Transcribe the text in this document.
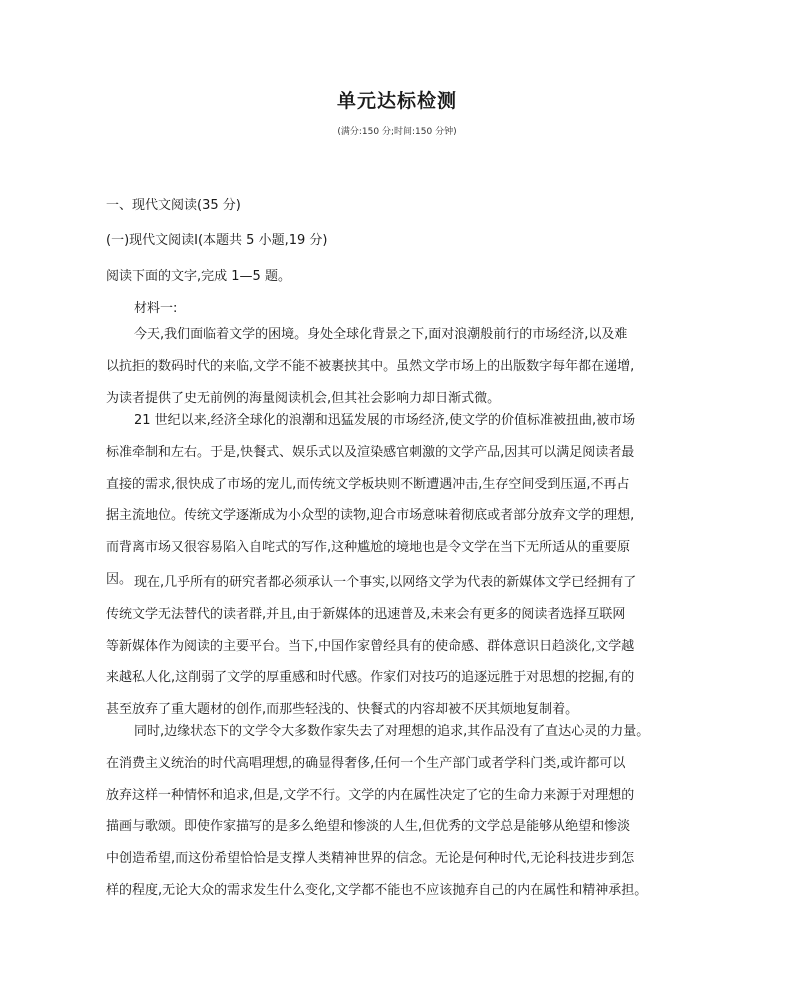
单元达标检测
(满分:150 分;时间:150 分钟)
一、现代文阅读(35 分)
(一)现代文阅读Ⅰ(本题共 5 小题,19 分)
阅读下面的文字,完成 1—5 题。
材料一:
今天,我们面临着文学的困境。身处全球化背景之下,面对浪潮般前行的市场经济,以及难
以抗拒的数码时代的来临,文学不能不被裹挟其中。虽然文学市场上的出版数字每年都在递增,
为读者提供了史无前例的海量阅读机会,但其社会影响力却日渐式微。
21 世纪以来,经济全球化的浪潮和迅猛发展的市场经济,使文学的价值标准被扭曲,被市场
标准牵制和左右。于是,快餐式、娱乐式以及渲染感官刺激的文学产品,因其可以满足阅读者最
直接的需求,很快成了市场的宠儿,而传统文学板块则不断遭遇冲击,生存空间受到压逼,不再占
据主流地位。传统文学逐渐成为小众型的读物,迎合市场意味着彻底或者部分放弃文学的理想,
而背离市场又很容易陷入自咤式的写作,这种尴尬的境地也是令文学在当下无所适从的重要原
因。 现在,几乎所有的研究者都必须承认一个事实,以网络文学为代表的新媒体文学已经拥有了
传统文学无法替代的读者群,并且,由于新媒体的迅速普及,未来会有更多的阅读者选择互联网
等新媒体作为阅读的主要平台。当下,中国作家曾经具有的使命感、群体意识日趋淡化,文学越
来越私人化,这削弱了文学的厚重感和时代感。作家们对技巧的追逐远胜于对思想的挖掘,有的
甚至放弃了重大题材的创作,而那些轻浅的、快餐式的内容却被不厌其烦地复制着。
同时,边缘状态下的文学令大多数作家失去了对理想的追求,其作品没有了直达心灵的力量。
在消费主义统治的时代高唱理想,的确显得奢侈,任何一个生产部门或者学科门类,或许都可以
放弃这样一种情怀和追求,但是,文学不行。文学的内在属性决定了它的生命力来源于对理想的
描画与歌颂。即使作家描写的是多么绝望和惨淡的人生,但优秀的文学总是能够从绝望和惨淡
中创造希望,而这份希望恰恰是支撑人类精神世界的信念。无论是何种时代,无论科技进步到怎
样的程度,无论大众的需求发生什么变化,文学都不能也不应该抛弃自己的内在属性和精神承担。
